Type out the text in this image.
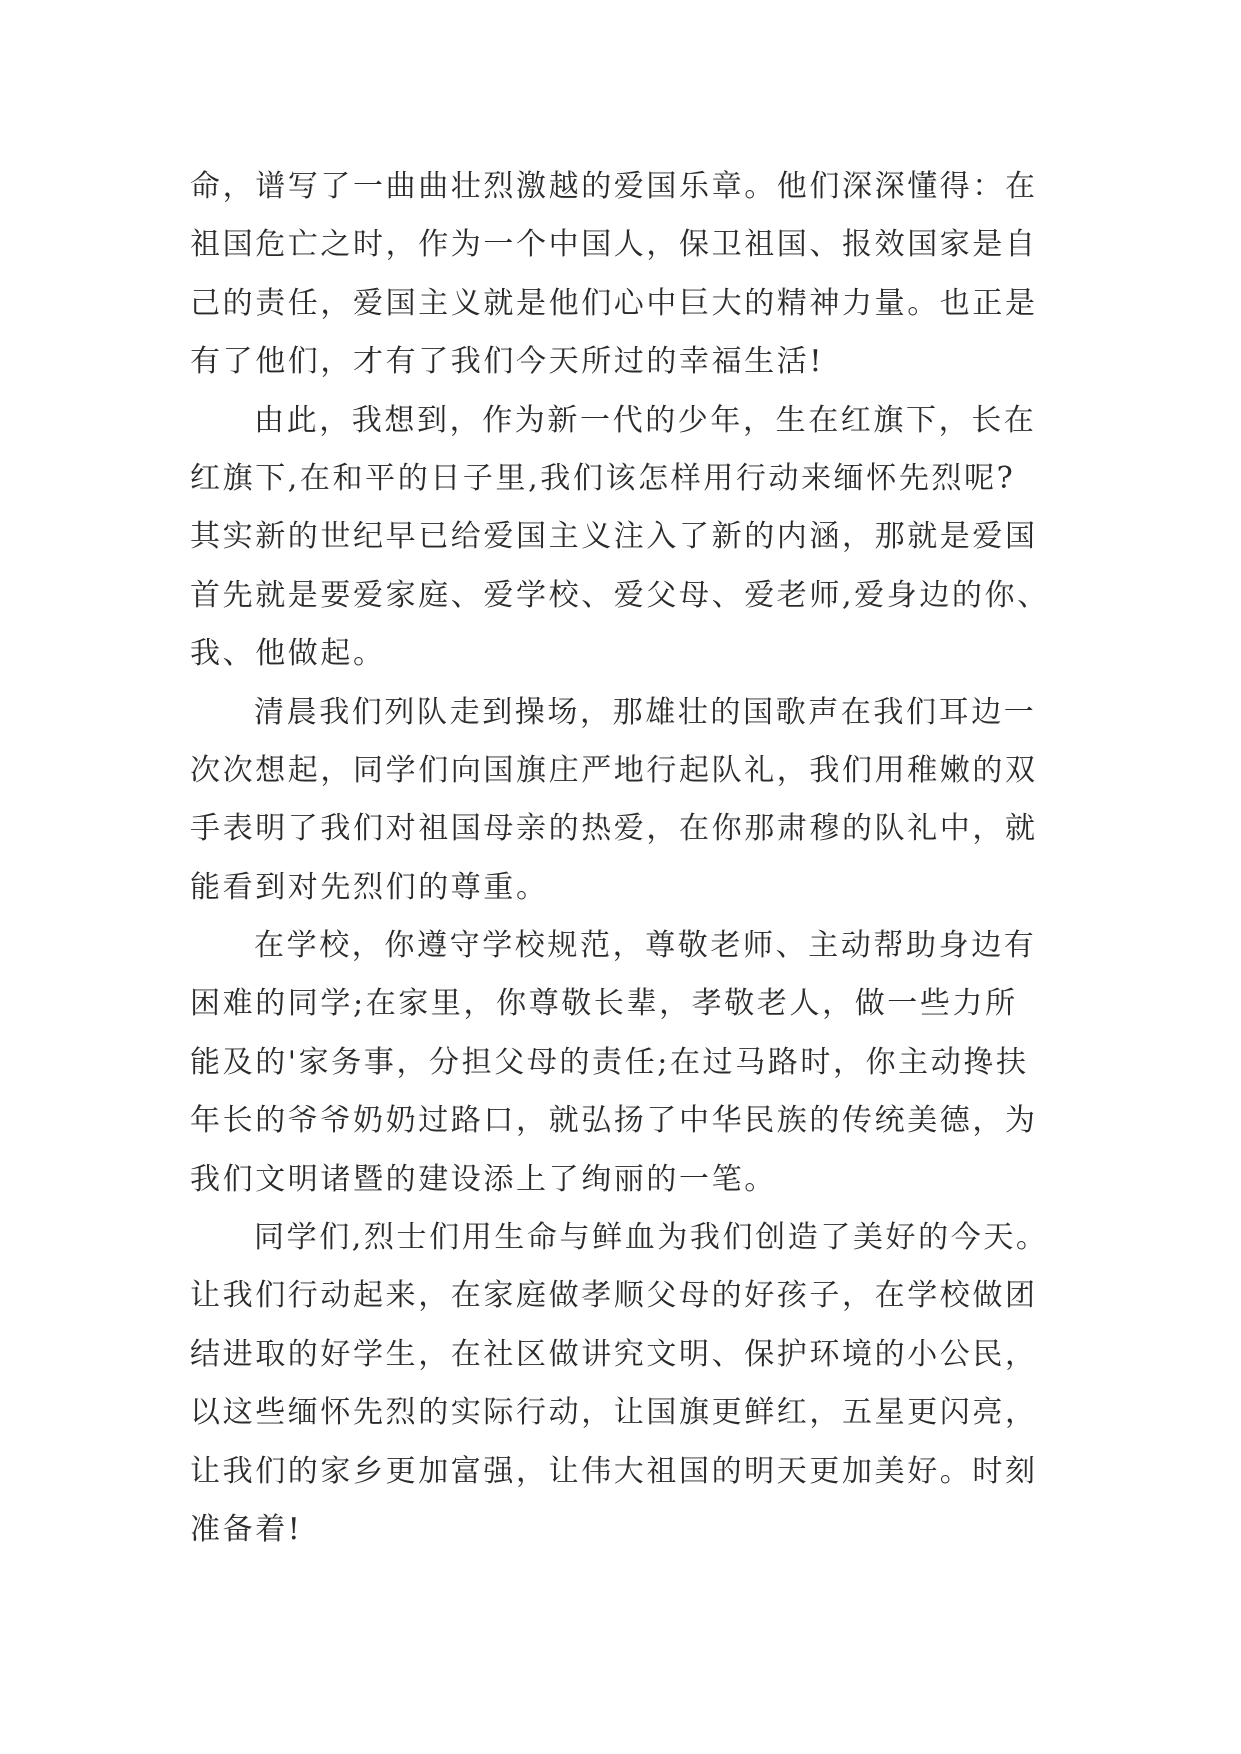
命，谱写了一曲曲壮烈激越的爱国乐章。他们深深懂得：在
祖国危亡之时，作为一个中国人，保卫祖国、报效国家是自
己的责任，爱国主义就是他们心中巨大的精神力量。也正是
有了他们，才有了我们今天所过的幸福生活!
由此，我想到，作为新一代的少年，生在红旗下，长在
红旗下,在和平的日子里,我们该怎样用行动来缅怀先烈呢?
其实新的世纪早已给爱国主义注入了新的内涵，那就是爱国
首先就是要爱家庭、爱学校、爱父母、爱老师,爱身边的你、
我、他做起。
清晨我们列队走到操场，那雄壮的国歌声在我们耳边一
次次想起，同学们向国旗庄严地行起队礼，我们用稚嫩的双
手表明了我们对祖国母亲的热爱，在你那肃穆的队礼中，就
能看到对先烈们的尊重。
在学校，你遵守学校规范，尊敬老师、主动帮助身边有
困难的同学;在家里，你尊敬长辈，孝敬老人，做一些力所
能及的'家务事，分担父母的责任;在过马路时，你主动搀扶
年长的爷爷奶奶过路口，就弘扬了中华民族的传统美德，为
我们文明诸暨的建设添上了绚丽的一笔。
同学们,烈士们用生命与鲜血为我们创造了美好的今天。
让我们行动起来，在家庭做孝顺父母的好孩子，在学校做团
结进取的好学生，在社区做讲究文明、保护环境的小公民，
以这些缅怀先烈的实际行动，让国旗更鲜红，五星更闪亮，
让我们的家乡更加富强，让伟大祖国的明天更加美好。时刻
准备着!
